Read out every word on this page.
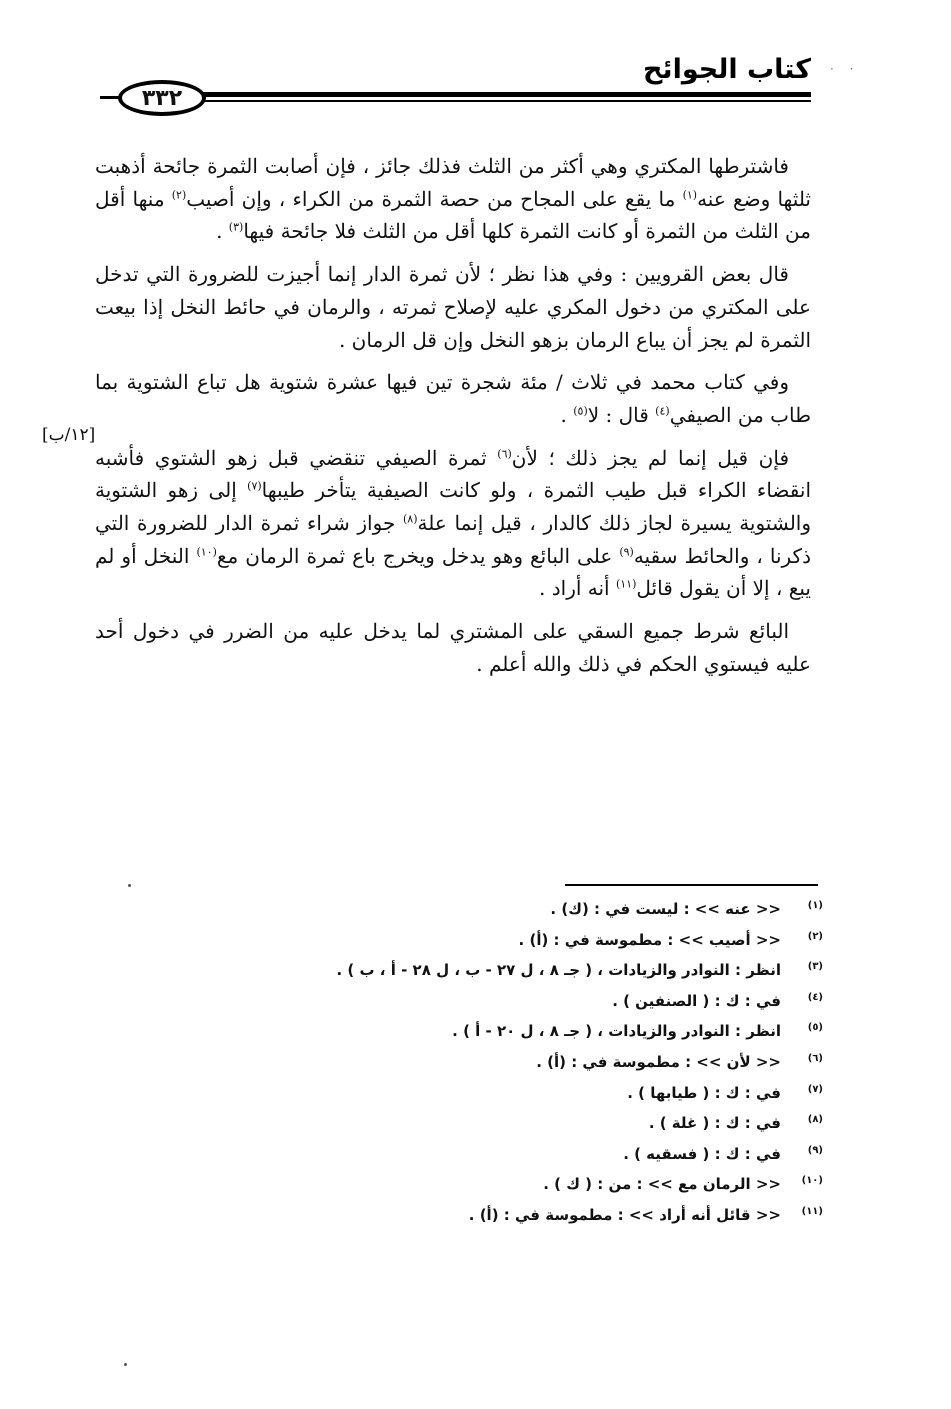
· ·
كتاب الجوائح
٣٣٢
[١٢/ب]

فاشترطها المكتري وهي أكثر من الثلث فذلك جائز ، فإن أصابت الثمرة جائحة أذهبت ثلثها وضع عنه$^{(١)}$ ما يقع على المجاح من حصة الثمرة من الكراء ، وإن أصيب$^{(٢)}$ منها أقل من الثلث من الثمرة أو كانت الثمرة كلها أقل من الثلث فلا جائحة فيها$^{(٣)}$ .

قال بعض القرويين : وفي هذا نظر ؛ لأن ثمرة الدار إنما أجيزت للضرورة التي تدخل على المكتري من دخول المكري عليه لإصلاح ثمرته ، والرمان في حائط النخل إذا بيعت الثمرة لم يجز أن يباع الرمان بزهو النخل وإن قل الرمان .

وفي كتاب محمد في ثلاث / مئة شجرة تين فيها عشرة شتوية هل تباع الشتوية بما طاب من الصيفي$^{(٤)}$ قال : لا$^{(٥)}$ .

فإن قيل إنما لم يجز ذلك ؛ لأن$^{(٦)}$ ثمرة الصيفي تنقضي قبل زهو الشتوي فأشبه انقضاء الكراء قبل طيب الثمرة ، ولو كانت الصيفية يتأخر طيبها$^{(٧)}$ إلى زهو الشتوية والشتوية يسيرة لجاز ذلك كالدار ، قيل إنما علة$^{(٨)}$ جواز شراء ثمرة الدار للضرورة التي ذكرنا ، والحائط سقيه$^{(٩)}$ على البائع وهو يدخل ويخرج باع ثمرة الرمان مع$^{(١٠)}$ النخل أو لم يبع ، إلا أن يقول قائل$^{(١١)}$ أنه أراد .

البائع شرط جميع السقي على المشتري لما يدخل عليه من الضرر في دخول أحد عليه فيستوي الحكم في ذلك والله أعلم .

(١)
<< عنه >> : ليست في : (ك) .
(٢)
<< أصيب >> : مطموسة في : (أ) .
(٣)
انظر : النوادر والزيادات ، ( جـ ٨ ، ل ٢٧ - ب ، ل ٢٨ - أ ، ب ) .
(٤)
في : ك : ( الصنفين ) .
(٥)
انظر : النوادر والزيادات ، ( جـ ٨ ، ل ٢٠ - أ ) .
(٦)
<< لأن >> : مطموسة في : (أ) .
(٧)
في : ك : ( طيابها ) .
(٨)
في : ك : ( غلة ) .
(٩)
في : ك : ( فسقيه ) .
(١٠)
<< الرمان مع >> : من : ( ك ) .
(١١)
<< قائل أنه أراد >> : مطموسة في : (أ) .
